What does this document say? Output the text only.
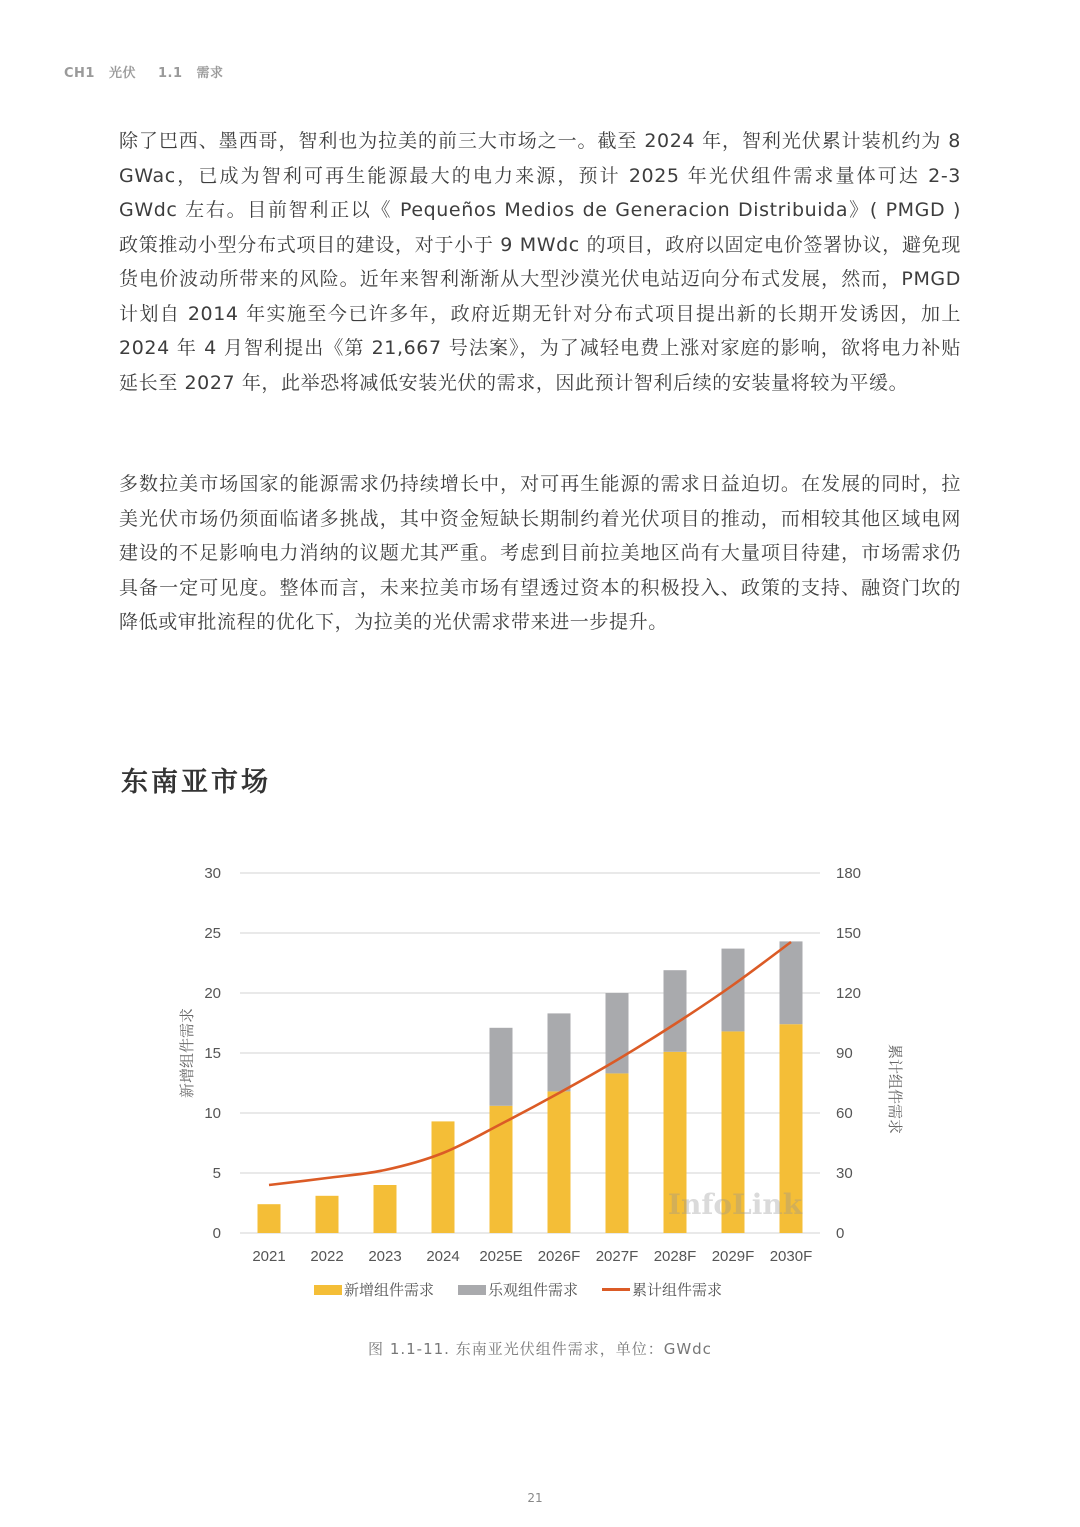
CH1 光伏 1.1 需求
除了巴西、墨西哥，智利也为拉美的前三大市场之一。截至 2024 年，智利光伏累计装机约为 8 GWac，已成为智利可再生能源最大的电力来源，预计 2025 年光伏组件需求量体可达 2-3 GWdc 左右。目前智利正以《 Pequeños Medios de Generacion Distribuida》( PMGD ) 政策推动小型分布式项目的建设，对于小于 9 MWdc 的项目，政府以固定电价签署协议，避免现货电价波动所带来的风险。近年来智利渐渐从大型沙漠光伏电站迈向分布式发展，然而，PMGD 计划自 2014 年实施至今已许多年，政府近期无针对分布式项目提出新的长期开发诱因，加上 2024 年 4 月智利提出《第 21,667 号法案》，为了减轻电费上涨对家庭的影响，欲将电力补贴延长至 2027 年，此举恐将减低安装光伏的需求，因此预计智利后续的安装量将较为平缓。
多数拉美市场国家的能源需求仍持续增长中，对可再生能源的需求日益迫切。在发展的同时，拉美光伏市场仍须面临诸多挑战，其中资金短缺长期制约着光伏项目的推动，而相较其他区域电网建设的不足影响电力消纳的议题尤其严重。考虑到目前拉美地区尚有大量项目待建，市场需求仍具备一定可见度。整体而言，未来拉美市场有望透过资本的积极投入、政策的支持、融资门坎的降低或审批流程的优化下，为拉美的光伏需求带来进一步提升。
东南亚市场
0	0
5	30
10	60
15	90
20	120
25	150
30	180
新增组件需求	累计组件需求
2021 2022 2023 2024 2025E 2026F 2027F 2028F 2029F 2030F
InfoLink
新增组件需求	乐观组件需求	累计组件需求
图 1.1-11. 东南亚光伏组件需求，单位：GWdc
21
